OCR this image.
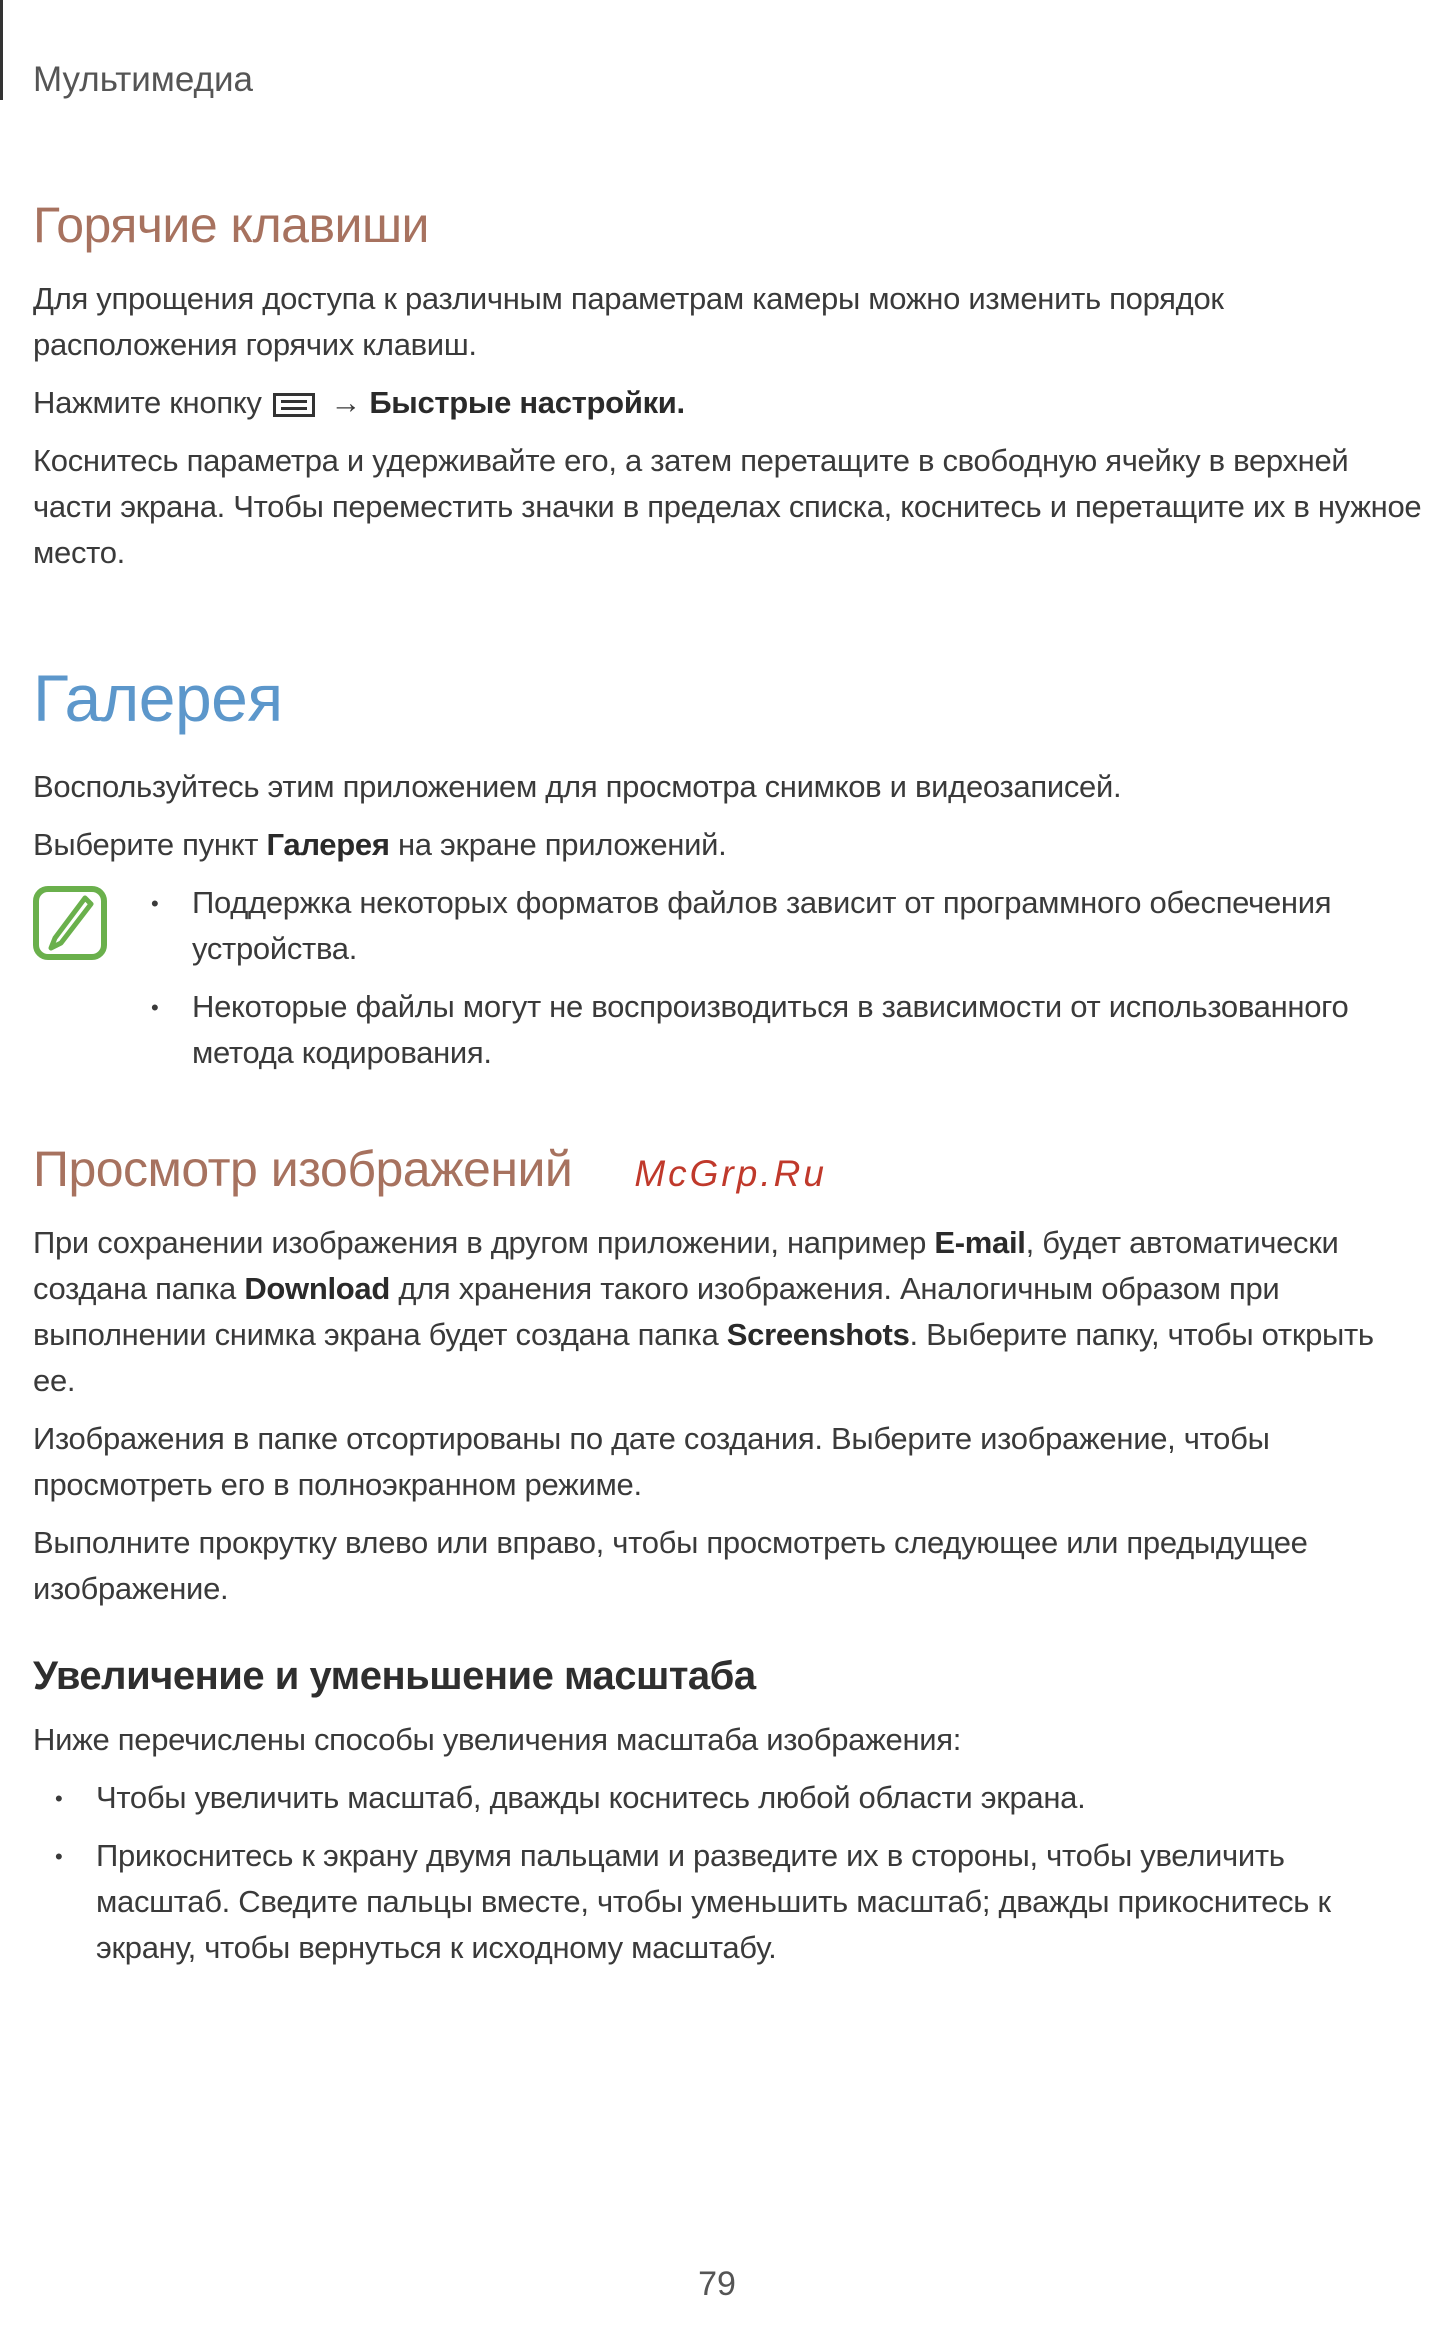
Мультимедиа
Горячие клавиши

Для упрощения доступа к различным параметрам камеры можно изменить порядок расположения горячих клавиш.

Нажмите кнопку → Быстрые настройки.

Коснитесь параметра и удерживайте его, а затем перетащите в свободную ячейку в верхней части экрана. Чтобы переместить значки в пределах списка, коснитесь и перетащите их в нужное место.

Галерея

Воспользуйтесь этим приложением для просмотра снимков и видеозаписей.

Выберите пункт Галерея на экране приложений.

• Поддержка некоторых форматов файлов зависит от программного обеспечения устройства.
• Некоторые файлы могут не воспроизводиться в зависимости от использованного метода кодирования.
Просмотр изображений McGrp.Ru

При сохранении изображения в другом приложении, например E-mail, будет автоматически создана папка Download для хранения такого изображения. Аналогичным образом при выполнении снимка экрана будет создана папка Screenshots. Выберите папку, чтобы открыть ее.

Изображения в папке отсортированы по дате создания. Выберите изображение, чтобы просмотреть его в полноэкранном режиме.

Выполните прокрутку влево или вправо, чтобы просмотреть следующее или предыдущее изображение.

Увеличение и уменьшение масштаба

Ниже перечислены способы увеличения масштаба изображения:

• Чтобы увеличить масштаб, дважды коснитесь любой области экрана.
• Прикоснитесь к экрану двумя пальцами и разведите их в стороны, чтобы увеличить масштаб. Сведите пальцы вместе, чтобы уменьшить масштаб; дважды прикоснитесь к экрану, чтобы вернуться к исходному масштабу.
79
